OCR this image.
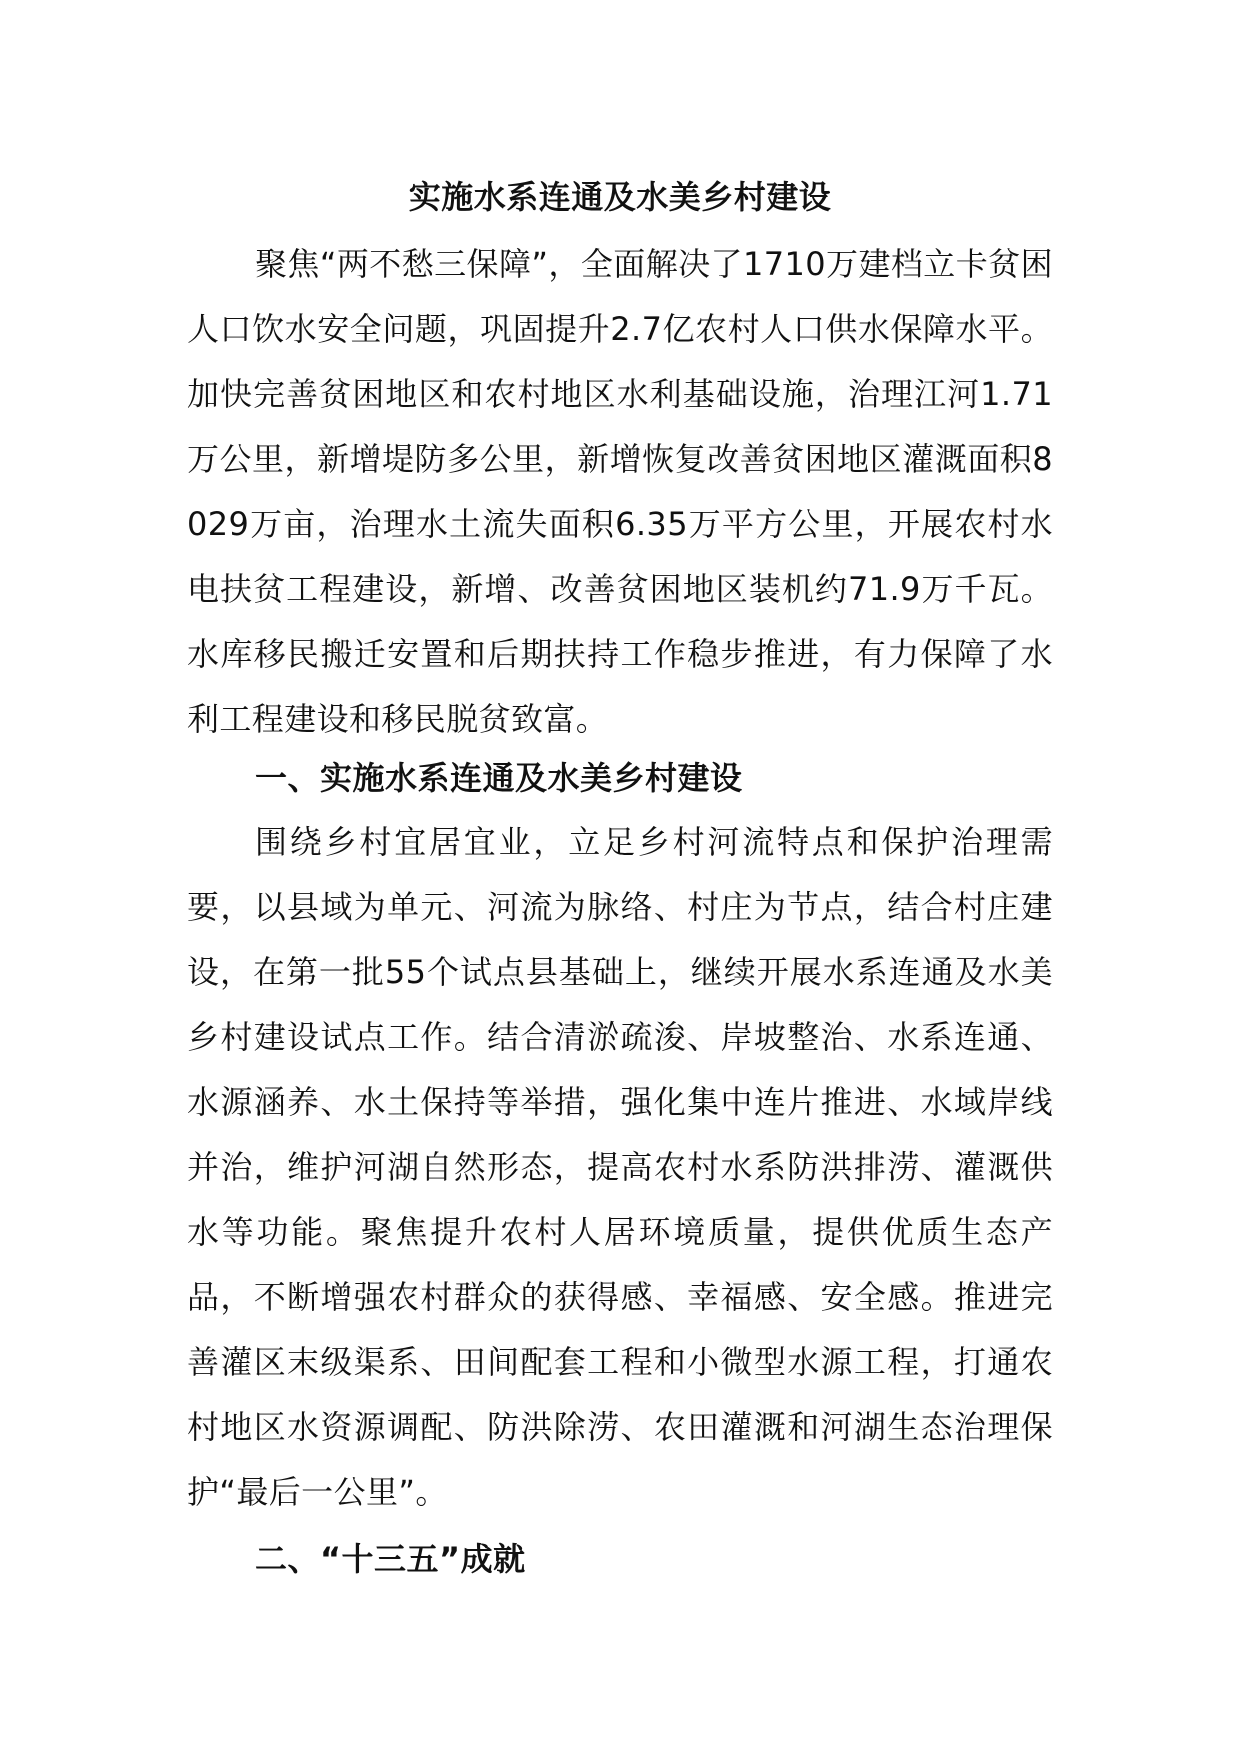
实施水系连通及水美乡村建设

聚焦“两不愁三保障”，全面解决了1710万建档立卡贫困人口饮水安全问题，巩固提升2.7亿农村人口供水保障水平。加快完善贫困地区和农村地区水利基础设施，治理江河1.71万公里，新增堤防多公里，新增恢复改善贫困地区灌溉面积8029万亩，治理水土流失面积6.35万平方公里，开展农村水电扶贫工程建设，新增、改善贫困地区装机约71.9万千瓦。水库移民搬迁安置和后期扶持工作稳步推进，有力保障了水利工程建设和移民脱贫致富。

一、实施水系连通及水美乡村建设

围绕乡村宜居宜业，立足乡村河流特点和保护治理需要，以县域为单元、河流为脉络、村庄为节点，结合村庄建设，在第一批55个试点县基础上，继续开展水系连通及水美乡村建设试点工作。结合清淤疏浚、岸坡整治、水系连通、水源涵养、水土保持等举措，强化集中连片推进、水域岸线并治，维护河湖自然形态，提高农村水系防洪排涝、灌溉供水等功能。聚焦提升农村人居环境质量，提供优质生态产品，不断增强农村群众的获得感、幸福感、安全感。推进完善灌区末级渠系、田间配套工程和小微型水源工程，打通农村地区水资源调配、防洪除涝、农田灌溉和河湖生态治理保护“最后一公里”。

二、“十三五”成就
